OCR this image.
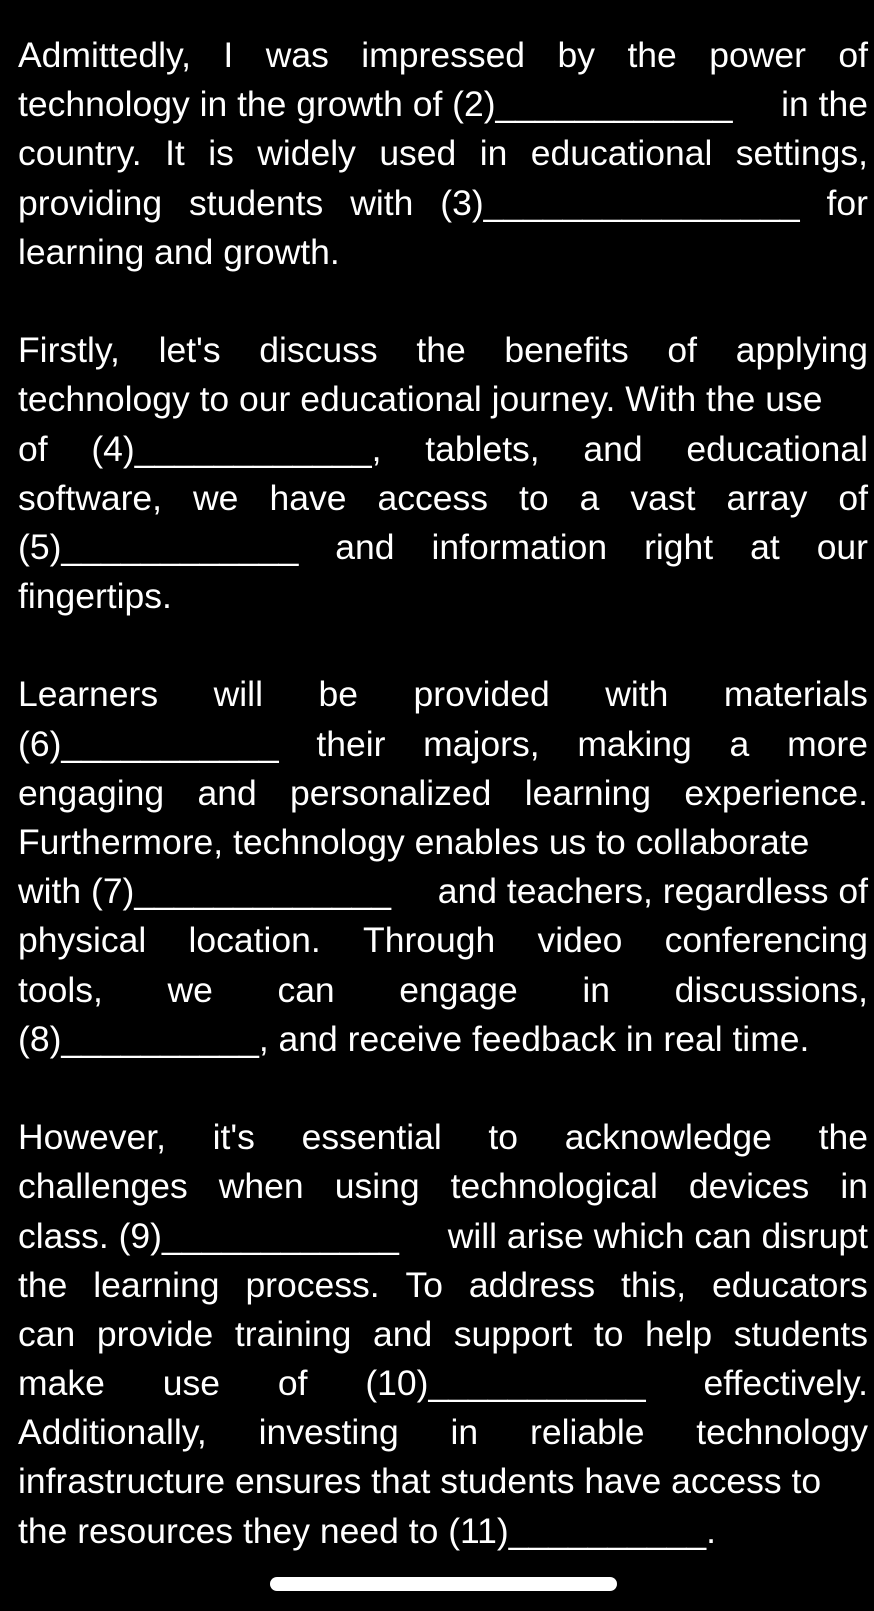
Admittedly, I was impressed by the power of
technology in the growth of (2)____________ in the
country. It is widely used in educational settings,
providing students with (3)________________ for
learning and growth.
Firstly, let's discuss the benefits of applying
technology to our educational journey. With the use
of (4)____________, tablets, and educational
software, we have access to a vast array of
(5)____________ and information right at our
fingertips.
Learners will be provided with materials
(6)___________ their majors, making a more
engaging and personalized learning experience.
Furthermore, technology enables us to collaborate
with (7)_____________ and teachers, regardless of
physical location. Through video conferencing
tools, we can engage in discussions,
(8)__________, and receive feedback in real time.
However, it's essential to acknowledge the
challenges when using technological devices in
class. (9)____________ will arise which can disrupt
the learning process. To address this, educators
can provide training and support to help students
make use of (10)___________ effectively.
Additionally, investing in reliable technology
infrastructure ensures that students have access to
the resources they need to (11)__________.
